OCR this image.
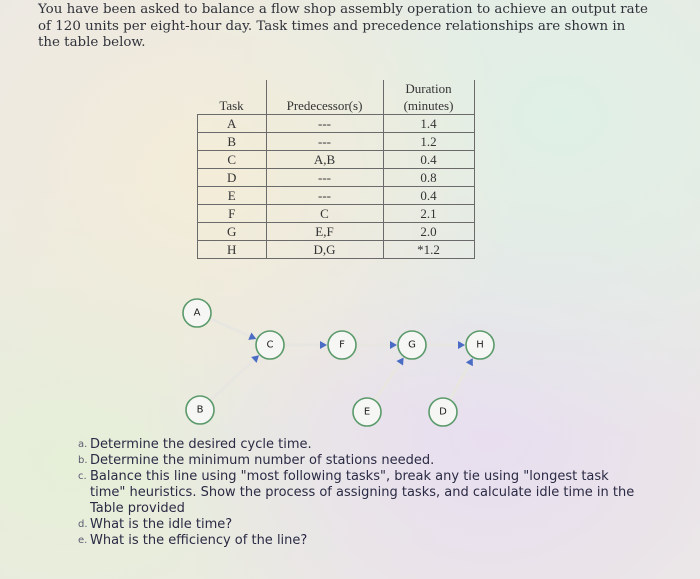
You have been asked to balance a flow shop assembly operation to achieve an output rate of 120 units per eight-hour day. Task times and precedence relationships are shown in the table below.
Task	Predecessor(s)	Duration
(minutes)

A	---	1.4
B	---	1.2
C	A,B	0.4
D	---	0.8
E	---	0.4
F	C	2.1
G	E,F	2.0
H	D,G	*1.2
A
B
C	F	G	H
E	D
a. Determine the desired cycle time.
b. Determine the minimum number of stations needed.
c. Balance this line using "most following tasks", break any tie using "longest task time" heuristics. Show the process of assigning tasks, and calculate idle time in the Table provided
d. What is the idle time?
e. What is the efficiency of the line?
